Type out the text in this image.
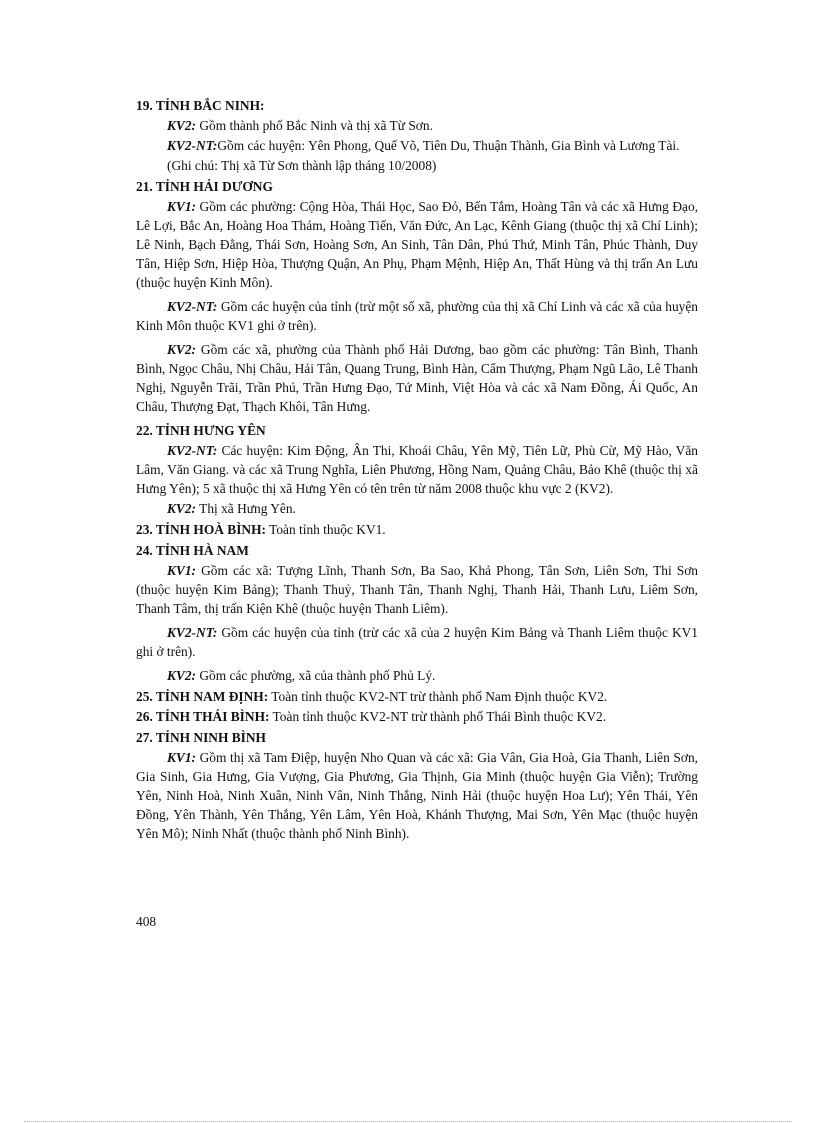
19. TỈNH BẮC NINH:
KV2: Gồm thành phố Bắc Ninh và thị xã Từ Sơn.
KV2-NT:Gồm các huyện: Yên Phong, Quế Võ, Tiên Du, Thuận Thành, Gia Bình và Lương Tài.
(Ghi chú: Thị xã Từ Sơn thành lập tháng 10/2008)
21. TỈNH HẢI DƯƠNG
KV1: Gồm các phường: Cộng Hòa, Thái Học, Sao Đỏ, Bến Tắm, Hoàng Tân và các xã Hưng Đạo, Lê Lợi, Bắc An, Hoàng Hoa Thám, Hoàng Tiến, Văn Đức, An Lạc, Kênh Giang (thuộc thị xã Chí Linh); Lê Ninh, Bạch Đằng, Thái Sơn, Hoàng Sơn, An Sinh, Tân Dân, Phú Thứ, Minh Tân, Phúc Thành, Duy Tân, Hiệp Sơn, Hiệp Hòa, Thượng Quận, An Phụ, Phạm Mệnh, Hiệp An, Thất Hùng và thị trấn An Lưu (thuộc huyện Kinh Môn).
KV2-NT: Gồm các huyện của tỉnh (trừ một số xã, phường của thị xã Chí Linh và các xã của huyện Kinh Môn thuộc KV1 ghi ở trên).
KV2: Gồm các xã, phường của Thành phố Hải Dương, bao gồm các phường: Tân Bình, Thanh Bình, Ngọc Châu, Nhị Châu, Hải Tân, Quang Trung, Bình Hàn, Cẩm Thượng, Phạm Ngũ Lão, Lê Thanh Nghị, Nguyễn Trãi, Trần Phú, Trần Hưng Đạo, Tứ Minh, Việt Hòa và các xã Nam Đồng, Ái Quốc, An Châu, Thượng Đạt, Thạch Khôi, Tân Hưng.
22. TỈNH HƯNG YÊN
KV2-NT: Các huyện: Kim Động, Ân Thi, Khoái Châu, Yên Mỹ, Tiên Lữ, Phù Cừ, Mỹ Hào, Văn Lâm, Văn Giang. và các xã Trung Nghĩa, Liên Phương, Hồng Nam, Quảng Châu, Bảo Khê (thuộc thị xã Hưng Yên); 5 xã thuộc thị xã Hưng Yên có tên trên từ năm 2008 thuộc khu vực 2 (KV2).
KV2: Thị xã Hưng Yên.
23. TỈNH HOÀ BÌNH: Toàn tỉnh thuộc KV1.
24. TỈNH HÀ NAM
KV1: Gồm các xã: Tượng Lĩnh, Thanh Sơn, Ba Sao, Khả Phong, Tân Sơn, Liên Sơn, Thi Sơn (thuộc huyện Kim Bảng); Thanh Thuỷ, Thanh Tân, Thanh Nghị, Thanh Hải, Thanh Lưu, Liêm Sơn, Thanh Tâm, thị trấn Kiện Khê (thuộc huyện Thanh Liêm).
KV2-NT: Gồm các huyện của tỉnh (trừ các xã của 2 huyện Kim Bảng và Thanh Liêm thuộc KV1 ghi ở trên).
KV2: Gồm các phường, xã của thành phố Phủ Lý.
25. TỈNH NAM ĐỊNH: Toàn tỉnh thuộc KV2-NT trừ thành phố Nam Định thuộc KV2.
26. TỈNH THÁI BÌNH: Toàn tỉnh thuộc KV2-NT trừ thành phố Thái Bình thuộc KV2.
27. TỈNH NINH BÌNH
KV1: Gồm thị xã Tam Điệp, huyện Nho Quan và các xã: Gia Vân, Gia Hoà, Gia Thanh, Liên Sơn, Gia Sinh, Gia Hưng, Gia Vượng, Gia Phương, Gia Thịnh, Gia Minh (thuộc huyện Gia Viễn); Trường Yên, Ninh Hoà, Ninh Xuân, Ninh Vân, Ninh Thắng, Ninh Hải (thuộc huyện Hoa Lư); Yên Thái, Yên Đồng, Yên Thành, Yên Thắng, Yên Lâm, Yên Hoà, Khánh Thượng, Mai Sơn, Yên Mạc (thuộc huyện Yên Mô); Ninh Nhất (thuộc thành phố Ninh Bình).
408
